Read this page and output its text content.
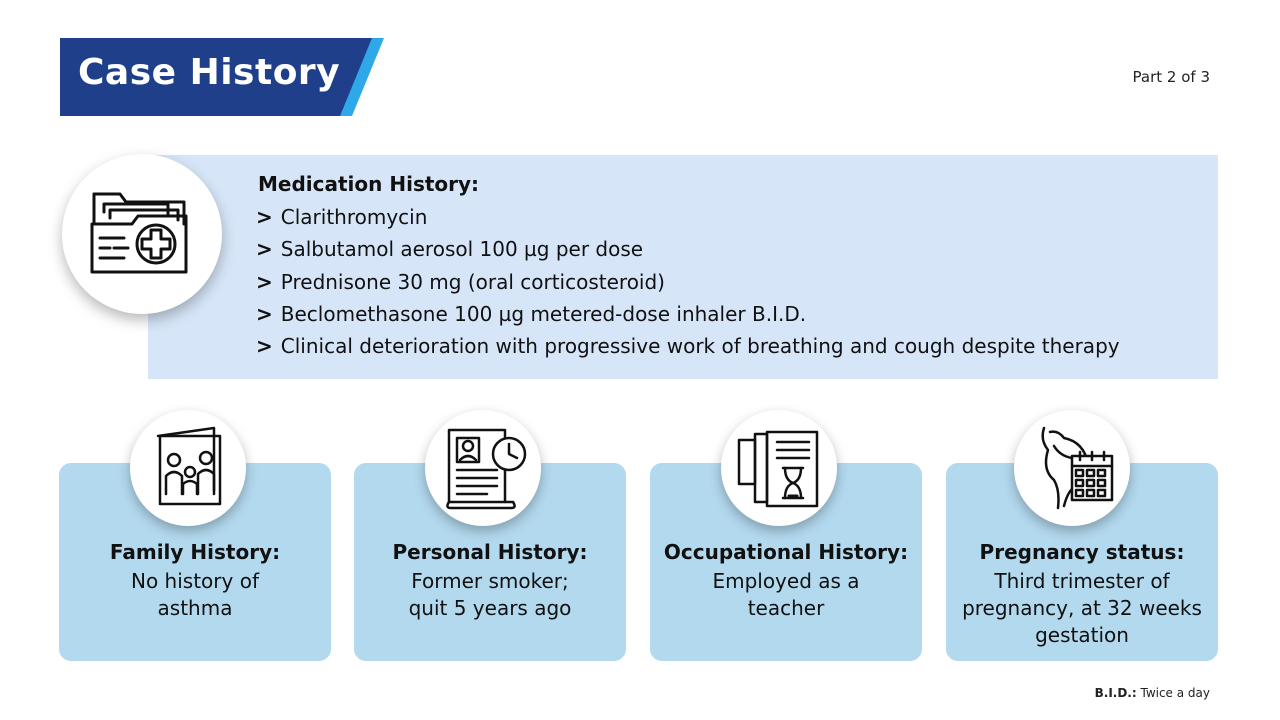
Case History	Part 2 of 3
Medication History:
> Clarithromycin
> Salbutamol aerosol 100 µg per dose
> Prednisone 30 mg (oral corticosteroid)
> Beclomethasone 100 µg metered-dose inhaler B.I.D.
> Clinical deterioration with progressive work of breathing and cough despite therapy
Family History:
No history of
asthma
Personal History:
Former smoker;
quit 5 years ago
Occupational History:
Employed as a
teacher
Pregnancy status:
Third trimester of
pregnancy, at 32 weeks
gestation
B.I.D.: Twice a day
